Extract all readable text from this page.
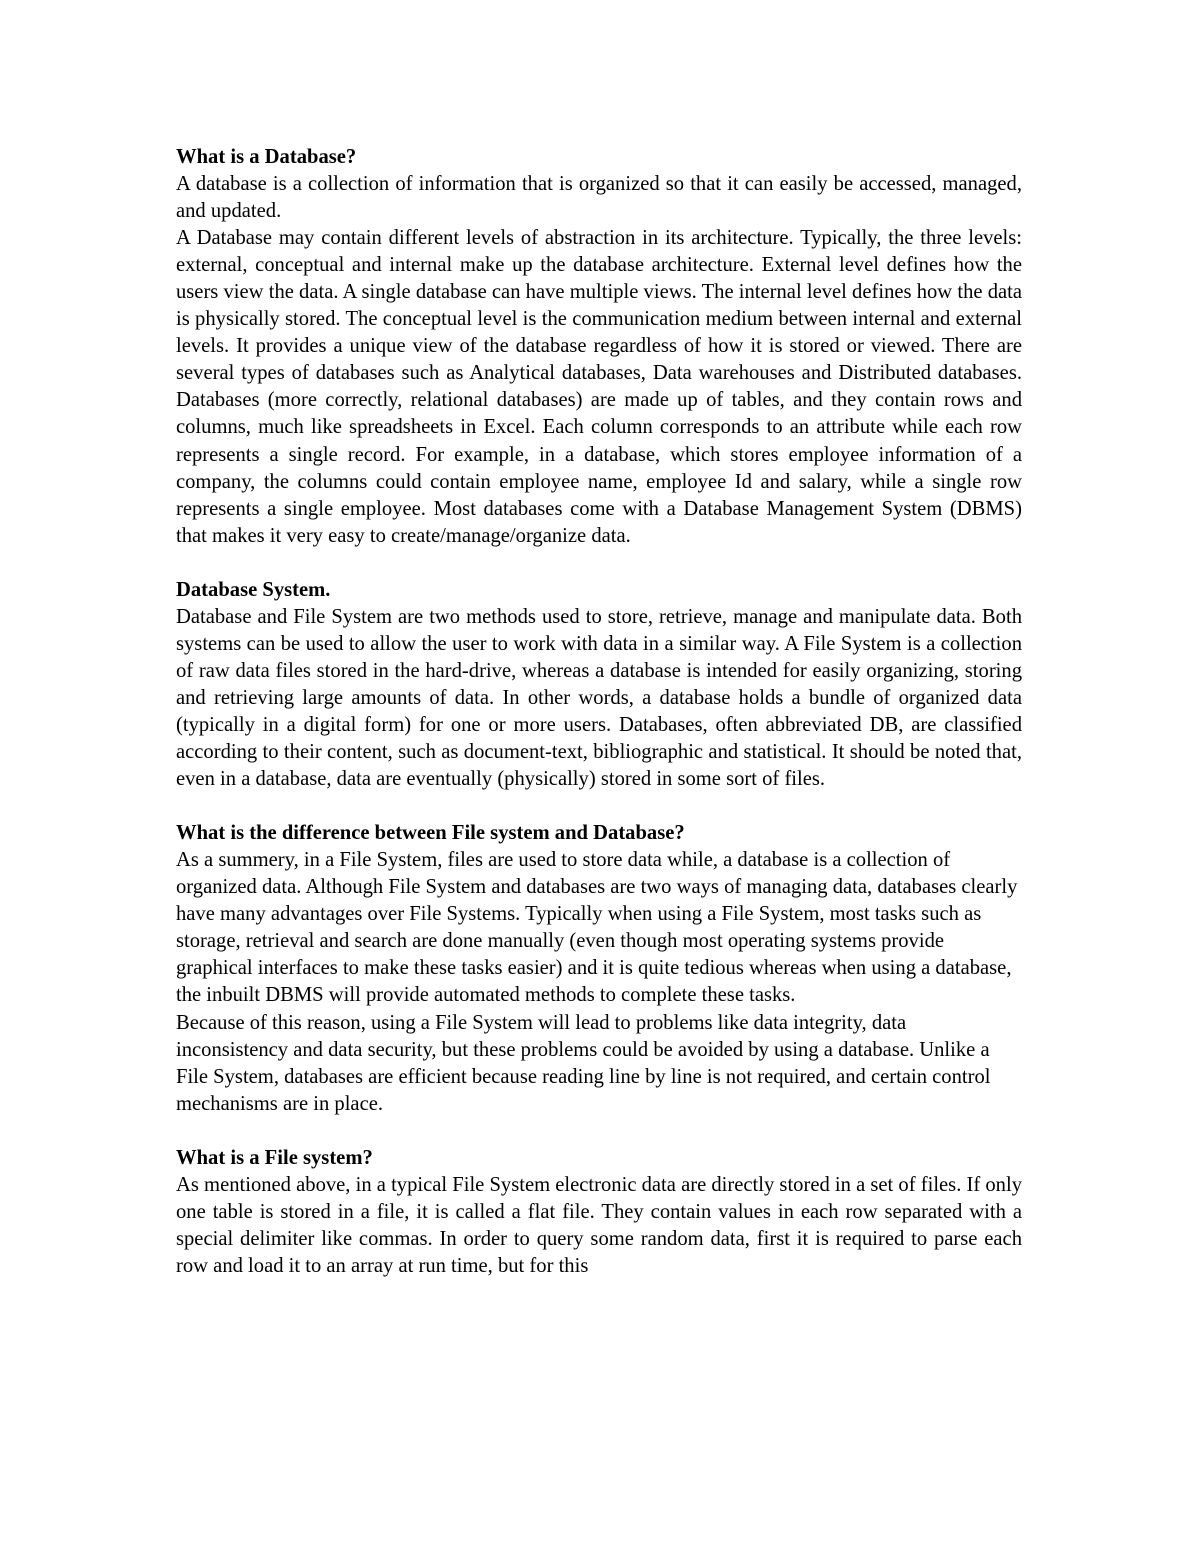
What is a Database?

A database is a collection of information that is organized so that it can easily be accessed, managed, and updated.

A Database may contain different levels of abstraction in its architecture. Typically, the three levels: external, conceptual and internal make up the database architecture. External level defines how the users view the data. A single database can have multiple views. The internal level defines how the data is physically stored. The conceptual level is the communication medium between internal and external levels. It provides a unique view of the database regardless of how it is stored or viewed. There are several types of databases such as Analytical databases, Data warehouses and Distributed databases. Databases (more correctly, relational databases) are made up of tables, and they contain rows and columns, much like spreadsheets in Excel. Each column corresponds to an attribute while each row represents a single record. For example, in a database, which stores employee information of a company, the columns could contain employee name, employee Id and salary, while a single row represents a single employee. Most databases come with a Database Management System (DBMS) that makes it very easy to create/manage/organize data.

Database System.

Database and File System are two methods used to store, retrieve, manage and manipulate data. Both systems can be used to allow the user to work with data in a similar way. A File System is a collection of raw data files stored in the hard-drive, whereas a database is intended for easily organizing, storing and retrieving large amounts of data. In other words, a database holds a bundle of organized data (typically in a digital form) for one or more users. Databases, often abbreviated DB, are classified according to their content, such as document-text, bibliographic and statistical. It should be noted that, even in a database, data are eventually (physically) stored in some sort of files.

What is the difference between File system and Database?

As a summery, in a File System, files are used to store data while, a database is a collection of organized data. Although File System and databases are two ways of managing data, databases clearly have many advantages over File Systems. Typically when using a File System, most tasks such as storage, retrieval and search are done manually (even though most operating systems provide graphical interfaces to make these tasks easier) and it is quite tedious whereas when using a database, the inbuilt DBMS will provide automated methods to complete these tasks.

Because of this reason, using a File System will lead to problems like data integrity, data inconsistency and data security, but these problems could be avoided by using a database. Unlike a File System, databases are efficient because reading line by line is not required, and certain control mechanisms are in place.

What is a File system?

As mentioned above, in a typical File System electronic data are directly stored in a set of files. If only one table is stored in a file, it is called a flat file. They contain values in each row separated with a special delimiter like commas. In order to query some random data, first it is required to parse each row and load it to an array at run time, but for this
